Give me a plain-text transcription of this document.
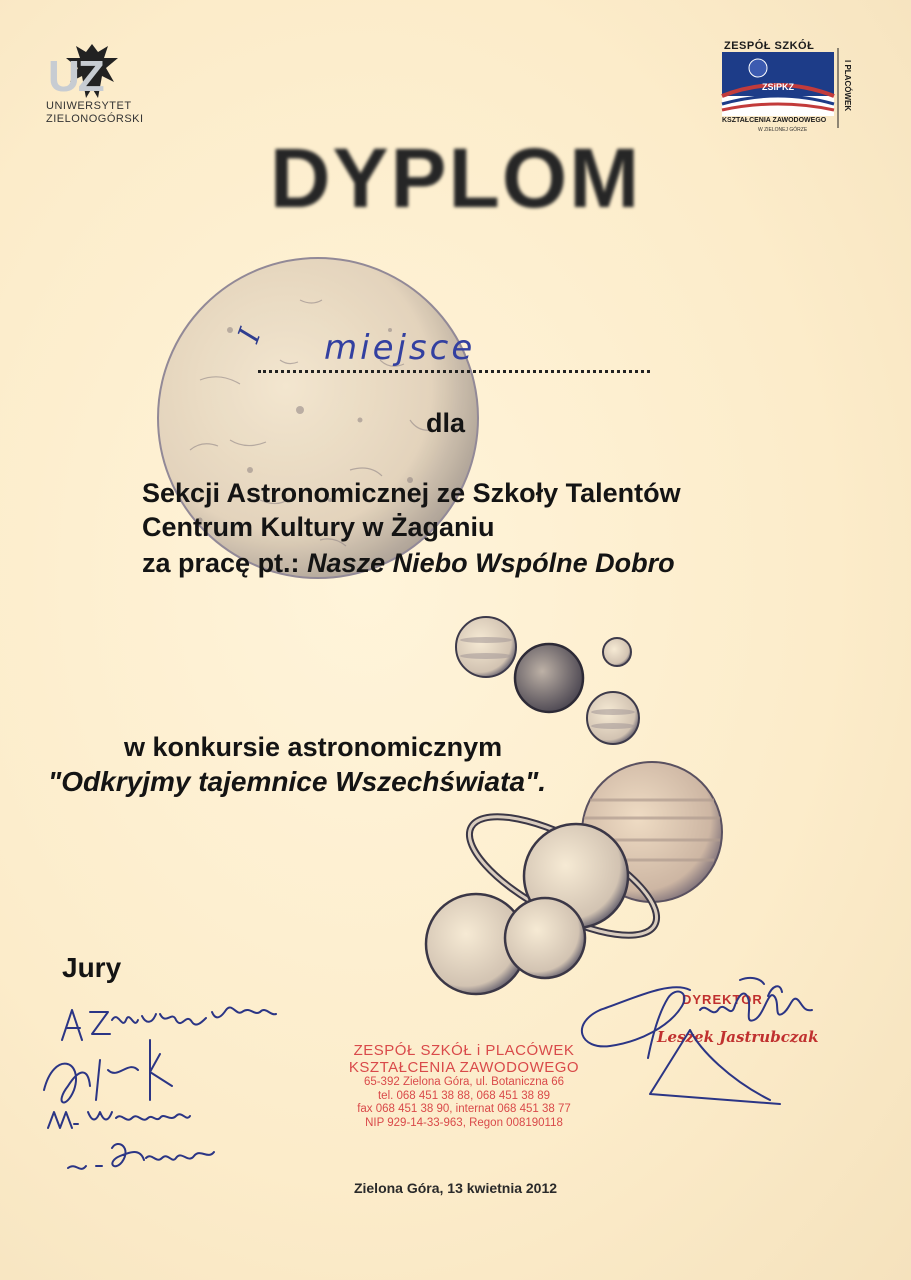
UZ
UNIWERSYTET
ZIELONOGÓRSKI
ZESPÓŁ SZKÓŁ
ZSiPKZ	I PLACÓWEK
KSZTAŁCENIA ZAWODOWEGO
W ZIELONEJ GÓRZE
DYPLOM
I miejsce
dla
Sekcji Astronomicznej ze Szkoły Talentów
Centrum Kultury w Żaganiu
za pracę pt.: Nasze Niebo Wspólne Dobro
w konkursie astronomicznym
"Odkryjmy tajemnice Wszechświata".
Jury
ZESPÓŁ SZKÓŁ i PLACÓWEK
KSZTAŁCENIA ZAWODOWEGO
65-392 Zielona Góra, ul. Botaniczna 66
tel. 068 451 38 88, 068 451 38 89
fax 068 451 38 90, internat 068 451 38 77
NIP 929-14-33-963, Regon 008190118
DYREKTOR
Leszek Jastrubczak
Zielona Góra, 13 kwietnia 2012
